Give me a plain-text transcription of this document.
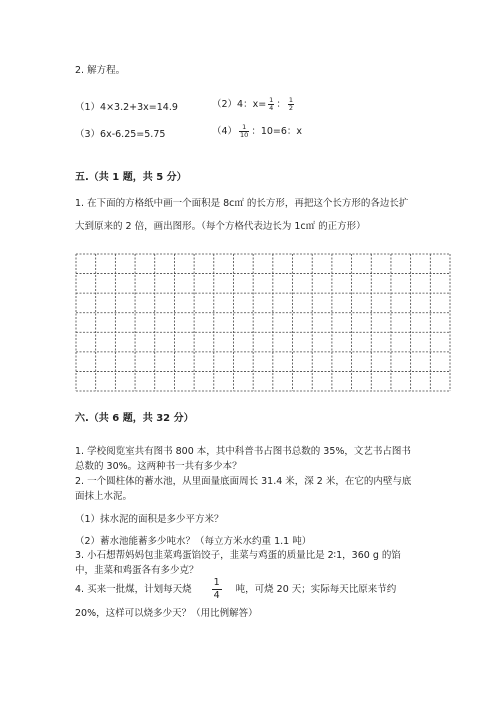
2. 解方程。
（1）4×3.2+3x=14.9	（2）4：$x= \frac{1}{4}$ ： $\frac{1}{2}$
（3）6x-6.25=5.75	$(4) \frac{1}{10}$ ：10=6：x
五.（共 1 题，共 5 分）
1. 在下面的方格纸中画一个面积是 8c㎡ 的长方形，再把这个长方形的各边长扩
大到原来的 2 倍，画出图形。（每个方格代表边长为 1c㎡ 的正方形）
六.（共 6 题，共 32 分）
1. 学校阅览室共有图书 800 本，其中科普书占图书总数的 35%，文艺书占图书
总数的 30%。这两种书一共有多少本？
2. 一个圆柱体的蓄水池，从里面量底面周长 31.4 米，深 2 米，在它的内壁与底
面抹上水泥。
（1）抹水泥的面积是多少平方米？
（2）蓄水池能蓄多少吨水？（每立方米水约重 1.1 吨）
3. 小石想帮妈妈包韭菜鸡蛋馅饺子，韭菜与鸡蛋的质量比是 2∶1，360 g 的馅
中，韭菜和鸡蛋各有多少克？
4. 买来一批煤，计划每天烧 $\frac{1}{4}$ 吨，可烧 20 天；实际每天比原来节约
20%，这样可以烧多少天？（用比例解答）
